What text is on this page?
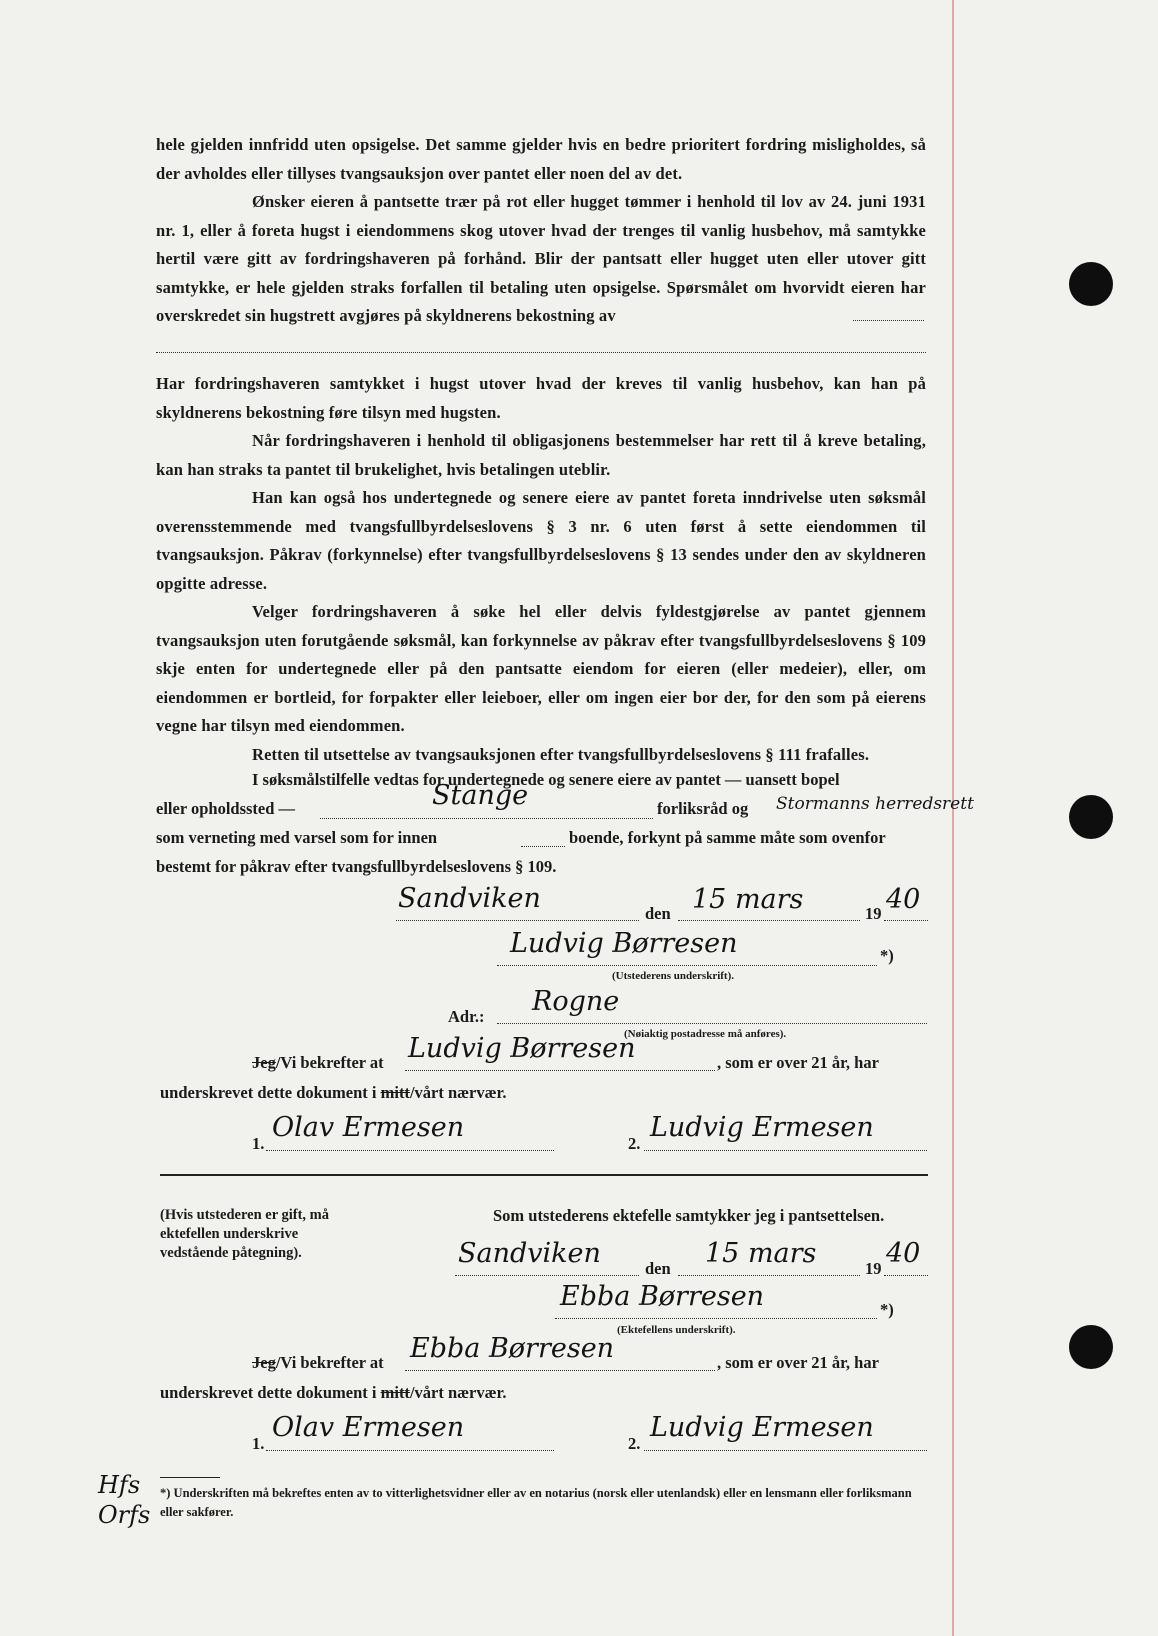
hele gjelden innfridd uten opsigelse. Det samme gjelder hvis en bedre prioritert fordring misligholdes, så der avholdes eller tillyses tvangsauksjon over pantet eller noen del av det.
Ønsker eieren å pantsette trær på rot eller hugget tømmer i henhold til lov av 24. juni 1931 nr. 1, eller å foreta hugst i eiendommens skog utover hvad der trenges til vanlig husbehov, må samtykke hertil være gitt av fordringshaveren på forhånd. Blir der pantsatt eller hugget uten eller utover gitt samtykke, er hele gjelden straks forfallen til betaling uten opsigelse. Spørsmålet om hvorvidt eieren har overskredet sin hugstrett avgjøres på skyldnerens bekostning av
Har fordringshaveren samtykket i hugst utover hvad der kreves til vanlig husbehov, kan han på skyldnerens bekostning føre tilsyn med hugsten.
Når fordringshaveren i henhold til obligasjonens bestemmelser har rett til å kreve betaling, kan han straks ta pantet til brukelighet, hvis betalingen uteblir.
Han kan også hos undertegnede og senere eiere av pantet foreta inndrivelse uten søksmål overensstemmende med tvangsfullbyrdelseslovens § 3 nr. 6 uten først å sette eiendommen til tvangsauksjon. Påkrav (forkynnelse) efter tvangsfullbyrdelseslovens § 13 sendes under den av skyldneren opgitte adresse.
Velger fordringshaveren å søke hel eller delvis fyldestgjørelse av pantet gjennem tvangsauksjon uten forutgående søksmål, kan forkynnelse av påkrav efter tvangsfullbyrdelseslovens § 109 skje enten for undertegnede eller på den pantsatte eiendom for eieren (eller medeier), eller, om eiendommen er bortleid, for forpakter eller leieboer, eller om ingen eier bor der, for den som på eierens vegne har tilsyn med eiendommen.
Retten til utsettelse av tvangsauksjonen efter tvangsfullbyrdelseslovens § 111 frafalles.
I søksmålstilfelle vedtas for undertegnede og senere eiere av pantet — uansett bopel
eller opholdssted —	Stange	forliksråd og Stormanns herredsrett
som verneting med varsel som for innen	boende, forkynt på samme måte som ovenfor
bestemt for påkrav efter tvangsfullbyrdelseslovens § 109.
Sandviken	den 15 mars	19 40
Ludvig Børresen	*)
(Utstederens underskrift).
Adr.: Rogne
(Nøiaktig postadresse må anføres).
Jeg/Vi bekrefter at Ludvig Børresen	, som er over 21 år, har
underskrevet dette dokument i mitt/vårt nærvær.
1.
Olav Ermesen
2.
Ludvig Ermesen
(Hvis utstederen er gift, må ektefellen underskrive vedstående påtegning).
Som utstederens ektefelle samtykker jeg i pantsettelsen.
Sandviken	den 15 mars	19 40
Ebba Børresen	*)
(Ektefellens underskrift).
Jeg/Vi bekrefter at Ebba Børresen	, som er over 21 år, har
underskrevet dette dokument i mitt/vårt nærvær.
1.
Olav Ermesen
2.
Ludvig Ermesen
Hfs Orfs
*) Underskriften må bekreftes enten av to vitterlighetsvidner eller av en notarius (norsk eller utenlandsk) eller en lensmann eller forliksmann eller sakfører.
